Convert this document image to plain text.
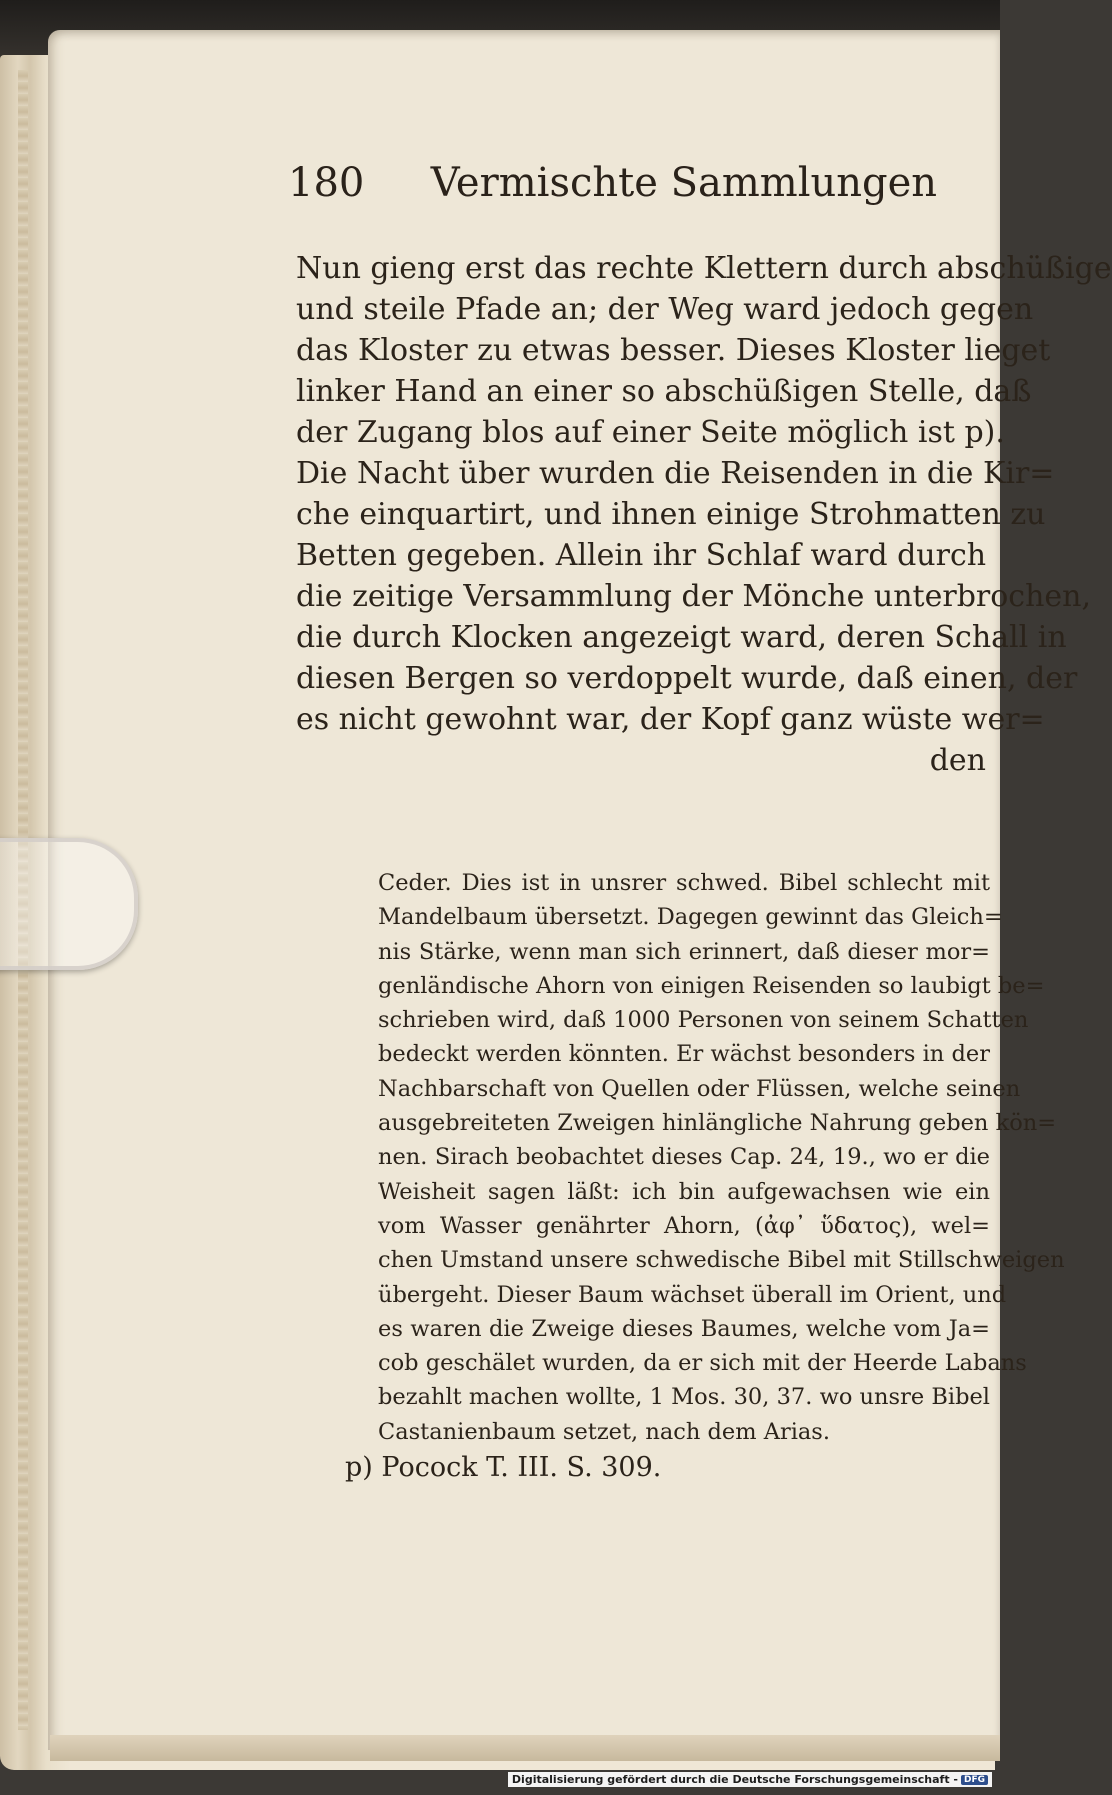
180 Vermischte Sammlungen
Nun gieng erst das rechte Klettern durch abschüßige
und steile Pfade an; der Weg ward jedoch gegen
das Kloster zu etwas besser. Dieses Kloster lieget
linker Hand an einer so abschüßigen Stelle, daß
der Zugang blos auf einer Seite möglich ist p).
Die Nacht über wurden die Reisenden in die Kir=
che einquartirt, und ihnen einige Strohmatten zu
Betten gegeben. Allein ihr Schlaf ward durch
die zeitige Versammlung der Mönche unterbrochen,
die durch Klocken angezeigt ward, deren Schall in
diesen Bergen so verdoppelt wurde, daß einen, der
es nicht gewohnt war, der Kopf ganz wüste wer=
den
Ceder. Dies ist in unsrer schwed. Bibel schlecht mit
Mandelbaum übersetzt. Dagegen gewinnt das Gleich=
nis Stärke, wenn man sich erinnert, daß dieser mor=
genländische Ahorn von einigen Reisenden so laubigt be=
schrieben wird, daß 1000 Personen von seinem Schatten
bedeckt werden könnten. Er wächst besonders in der
Nachbarschaft von Quellen oder Flüssen, welche seinen
ausgebreiteten Zweigen hinlängliche Nahrung geben kön=
nen. Sirach beobachtet dieses Cap. 24, 19., wo er die
Weisheit sagen läßt: ich bin aufgewachsen wie ein
vom Wasser genährter Ahorn, (ἀφ᾽ ὕδατος), wel=
chen Umstand unsere schwedische Bibel mit Stillschweigen
übergeht. Dieser Baum wächset überall im Orient, und
es waren die Zweige dieses Baumes, welche vom Ja=
cob geschälet wurden, da er sich mit der Heerde Labans
bezahlt machen wollte, 1 Mos. 30, 37. wo unsre Bibel
Castanienbaum setzet, nach dem Arias.
p) Pocock T. III. S. 309.
Digitalisierung gefördert durch die Deutsche Forschungsgemeinschaft - DFG
